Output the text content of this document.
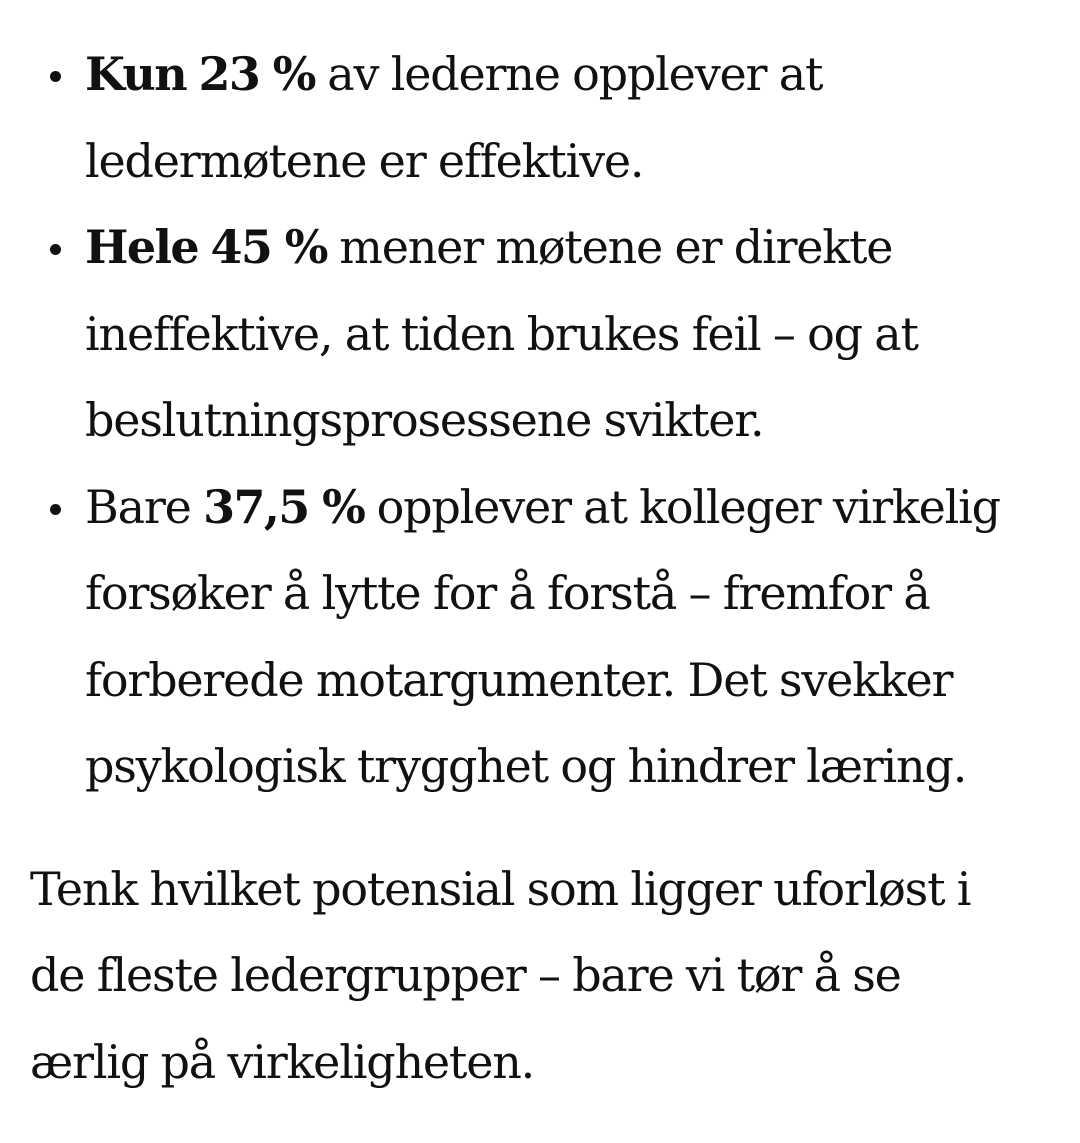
Kun 23 % av lederne opplever at ledermøtene er effektive.
Hele 45 % mener møtene er direkte ineffektive, at tiden brukes feil – og at beslutningsprosessene svikter.
Bare 37,5 % opplever at kolleger virkelig forsøker å lytte for å forstå – fremfor å forberede motargumenter. Det svekker psykologisk trygghet og hindrer læring.

Tenk hvilket potensial som ligger uforløst i de fleste ledergrupper – bare vi tør å se ærlig på virkeligheten.
